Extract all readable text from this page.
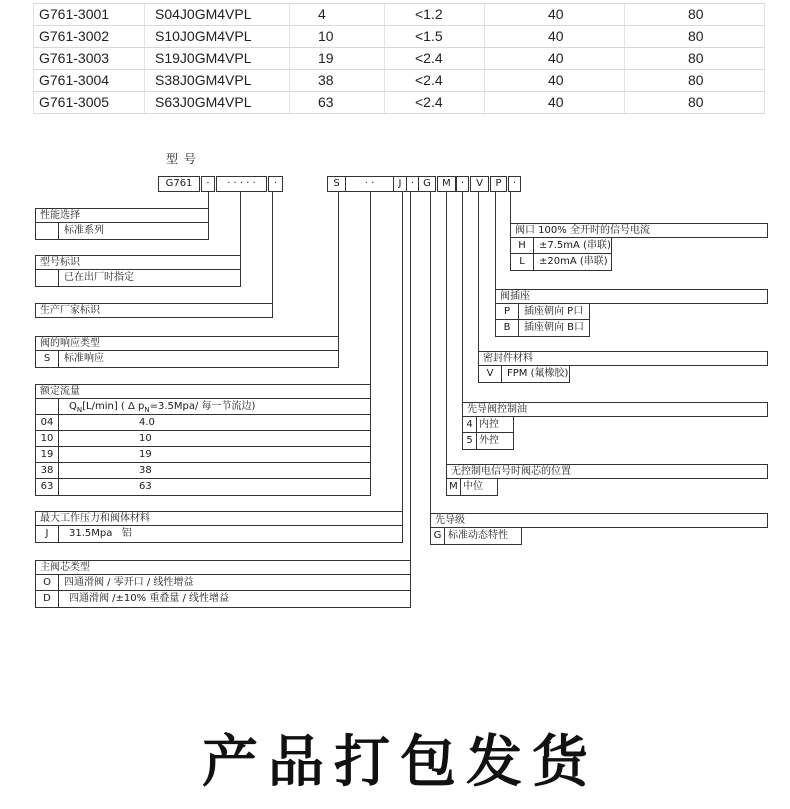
G761-3001	S04J0GM4VPL	4	<1.2	40	80
G761-3002	S10J0GM4VPL	10	<1.5	40	80
G761-3003	S19J0GM4VPL	19	<2.4	40	80
G761-3004	S38J0GM4VPL	38	<2.4	40	80
G761-3005	S63J0GM4VPL	63	<2.4	40	80
型 号
G761	·	· · · · ·	·	S	· ·	J · G	M	·	V	P	·
性能选择
标准系列
型号标识
已在出厂时指定
生产厂家标识
阀的响应类型
S	标准响应
额定流量
$Q_N[L/\min]$ ( Δ $p_N=3.5Mpa/$ 每一节流边)
04	4.0
10	10
19	19
38	38
63	63
最大工作压力和阀体材料
J	31.5Mpa   铝
主阀芯类型
O	四通滑阀 / 零开口 / 线性增益
D	四通滑阀 /±10% 重叠量 / 线性增益
阀口 100% 全开时的信号电流
H	±7.5mA (串联)
L	±20mA (串联)
阀插座
P	插座朝向 P口
B	插座朝向 B口
密封件材料
V	FPM (氟橡胶)
先导阀控制油
4 内控
5 外控
无控制电信号时阀芯的位置
M 中位
先导级
G 标准动态特性
产品打包发货
